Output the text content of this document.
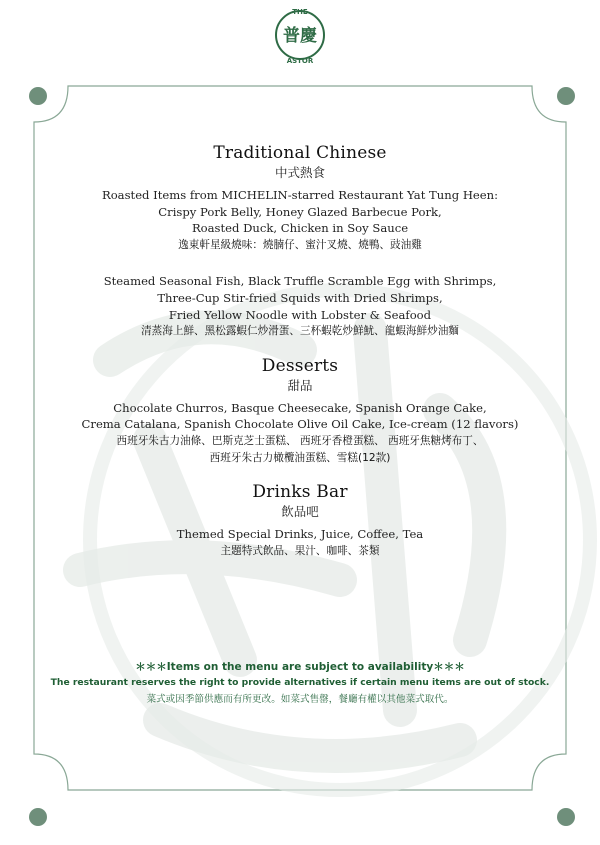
THE
普慶
ASTOR

Traditional Chinese

中式熱食

Roasted Items from MICHELIN-starred Restaurant Yat Tung Heen:

Crispy Pork Belly, Honey Glazed Barbecue Pork,

Roasted Duck, Chicken in Soy Sauce

逸東軒星級燒味：燒腩仔、蜜汁叉燒、燒鴨、豉油雞

Steamed Seasonal Fish, Black Truffle Scramble Egg with Shrimps,

Three-Cup Stir-fried Squids with Dried Shrimps,

Fried Yellow Noodle with Lobster & Seafood

清蒸海上鮮、黑松露蝦仁炒滑蛋、三杯蝦乾炒鮮魷、龍蝦海鮮炒油麵

Desserts

甜品

Chocolate Churros, Basque Cheesecake, Spanish Orange Cake,

Crema Catalana, Spanish Chocolate Olive Oil Cake, Ice-cream (12 flavors)

西班牙朱古力油條、巴斯克芝士蛋糕、 西班牙香橙蛋糕、 西班牙焦糖烤布丁、

西班牙朱古力橄欖油蛋糕、雪糕(12款)

Drinks Bar

飲品吧

Themed Special Drinks, Juice, Coffee, Tea

主題特式飲品、果汁、咖啡、茶類

＊＊＊Items on the menu are subject to availability＊＊＊

The restaurant reserves the right to provide alternatives if certain menu items are out of stock.

菜式或因季節供應而有所更改。如菜式售罄，餐廳有權以其他菜式取代。
